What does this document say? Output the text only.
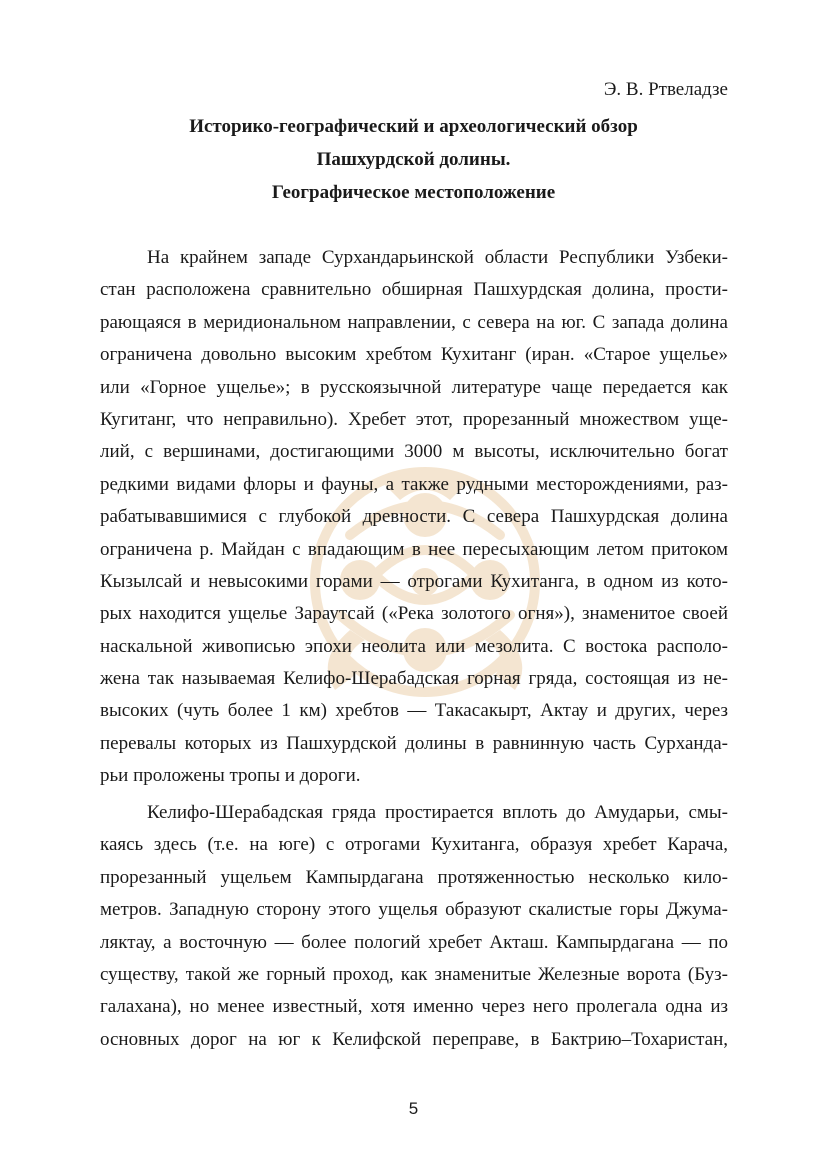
Э. В. Ртвеладзе
Историко-географический и археологический обзор
Пашхурдской долины.
Географическое местоположение
На крайнем западе Сурхандарьинской области Республики Узбеки-
стан расположена сравнительно обширная Пашхурдская долина, прости-
рающаяся в меридиональном направлении, с севера на юг. С запада долина
ограничена довольно высоким хребтом Кухитанг (иран. «Старое ущелье»
или «Горное ущелье»; в русскоязычной литературе чаще передается как
Кугитанг, что неправильно). Хребет этот, прорезанный множеством уще-
лий, с вершинами, достигающими 3000 м высоты, исключительно богат
редкими видами флоры и фауны, а также рудными месторождениями, раз-
рабатывавшимися с глубокой древности. С севера Пашхурдская долина
ограничена р. Майдан с впадающим в нее пересыхающим летом притоком
Кызылсай и невысокими горами — отрогами Кухитанга, в одном из кото-
рых находится ущелье Зараутсай («Река золотого огня»), знаменитое своей
наскальной живописью эпохи неолита или мезолита. С востока располо-
жена так называемая Келифо-Шерабадская горная гряда, состоящая из не-
высоких (чуть более 1 км) хребтов — Такасакырт, Актау и других, через
перевалы которых из Пашхурдской долины в равнинную часть Сурханда-
рьи проложены тропы и дороги.
Келифо-Шерабадская гряда простирается вплоть до Амударьи, смы-
каясь здесь (т.е. на юге) с отрогами Кухитанга, образуя хребет Карача,
прорезанный ущельем Кампырдагана протяженностью несколько кило-
метров. Западную сторону этого ущелья образуют скалистые горы Джума-
ляктау, а восточную — более пологий хребет Акташ. Кампырдагана — по
существу, такой же горный проход, как знаменитые Железные ворота (Буз-
галахана), но менее известный, хотя именно через него пролегала одна из
основных дорог на юг к Келифской переправе, в Бактрию–Тохаристан,
5
